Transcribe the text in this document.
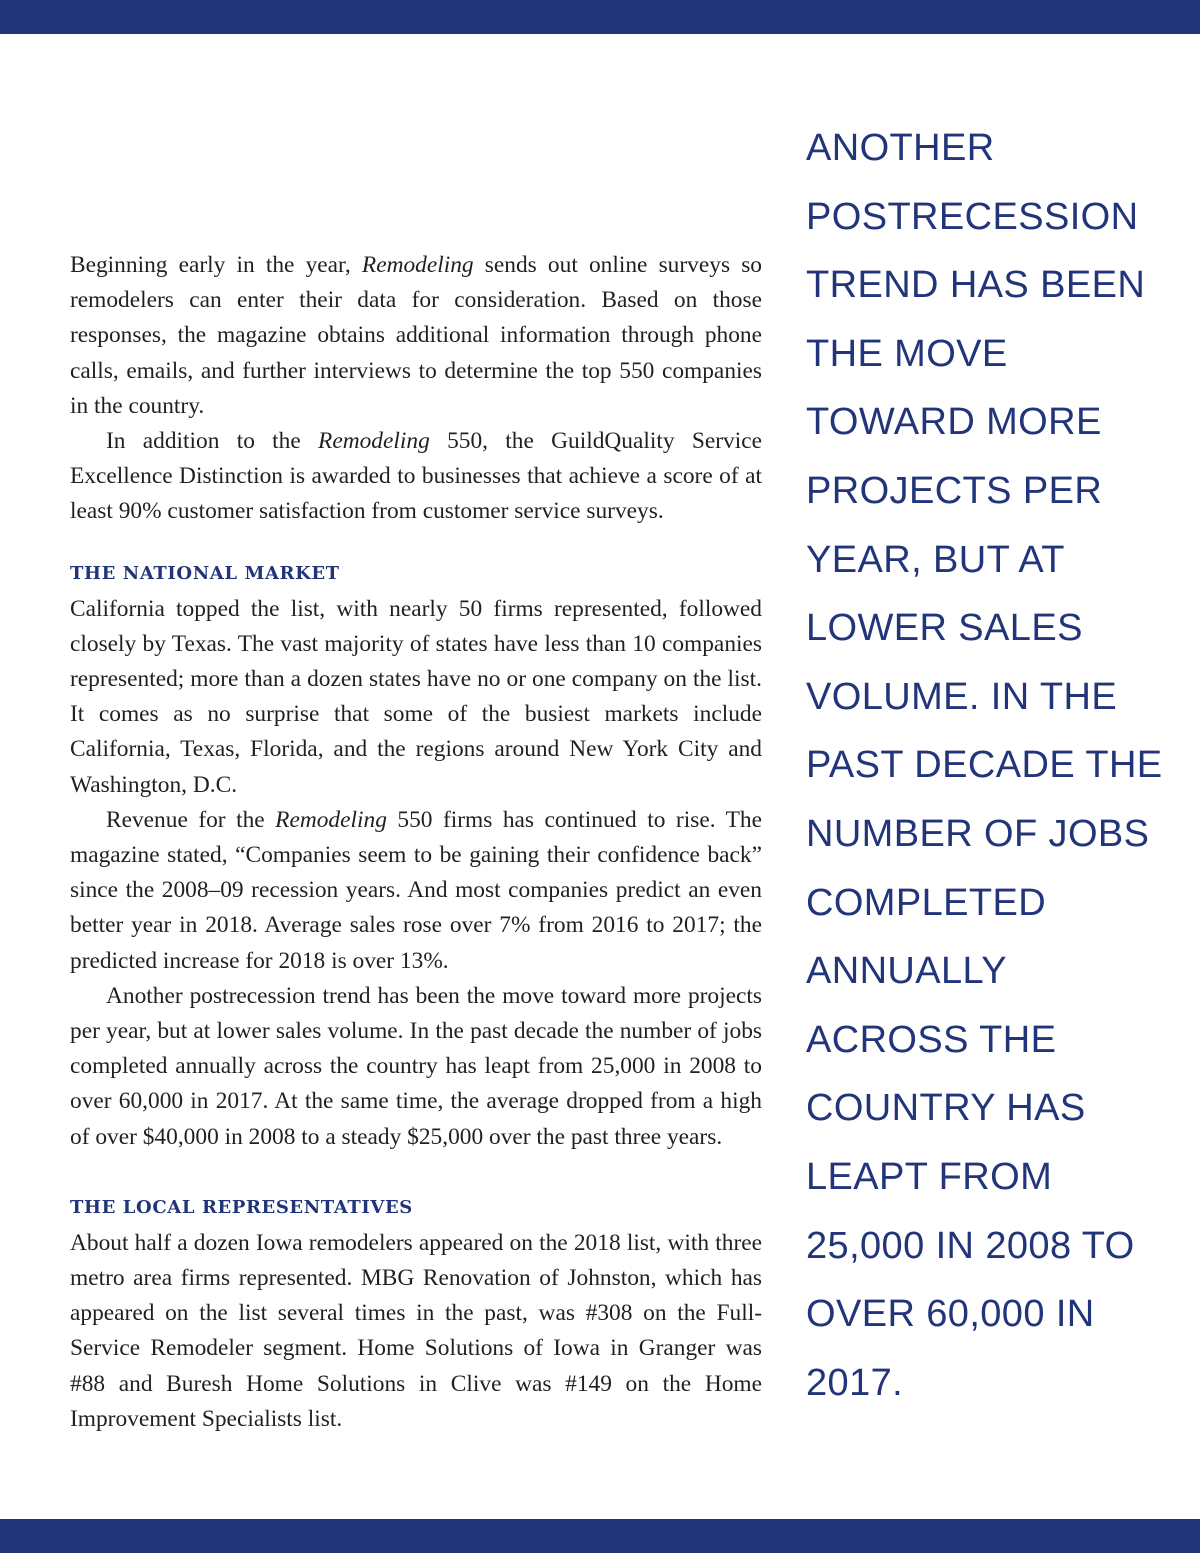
Beginning early in the year, Remodeling sends out online surveys so remodelers can enter their data for consideration. Based on those responses, the magazine obtains additional information through phone calls, emails, and further interviews to determine the top 550 companies in the country.

In addition to the Remodeling 550, the GuildQuality Service Excellence Distinction is awarded to businesses that achieve a score of at least 90% customer satisfaction from customer service surveys.

THE NATIONAL MARKET

California topped the list, with nearly 50 firms represented, followed closely by Texas. The vast majority of states have less than 10 companies represented; more than a dozen states have no or one company on the list. It comes as no surprise that some of the busiest markets include California, Texas, Florida, and the regions around New York City and Washington, D.C.

Revenue for the Remodeling 550 firms has continued to rise. The magazine stated, “Companies seem to be gaining their confidence back” since the 2008–09 recession years. And most companies predict an even better year in 2018. Average sales rose over 7% from 2016 to 2017; the predicted increase for 2018 is over 13%.

Another postrecession trend has been the move toward more projects per year, but at lower sales volume. In the past decade the number of jobs completed annually across the country has leapt from 25,000 in 2008 to over 60,000 in 2017. At the same time, the average dropped from a high of over $40,000 in 2008 to a steady $25,000 over the past three years.

THE LOCAL REPRESENTATIVES

About half a dozen Iowa remodelers appeared on the 2018 list, with three metro area firms represented. MBG Renovation of Johnston, which has appeared on the list several times in the past, was #308 on the Full-Service Remodeler segment. Home Solutions of Iowa in Granger was #88 and Buresh Home Solutions in Clive was #149 on the Home Improvement Specialists list.

ANOTHER POSTRECESSION TREND HAS BEEN THE MOVE TOWARD MORE PROJECTS PER YEAR, BUT AT LOWER SALES VOLUME. IN THE PAST DECADE THE NUMBER OF JOBS COMPLETED ANNUALLY ACROSS THE COUNTRY HAS LEAPT FROM 25,000 IN 2008 TO OVER 60,000 IN 2017.
